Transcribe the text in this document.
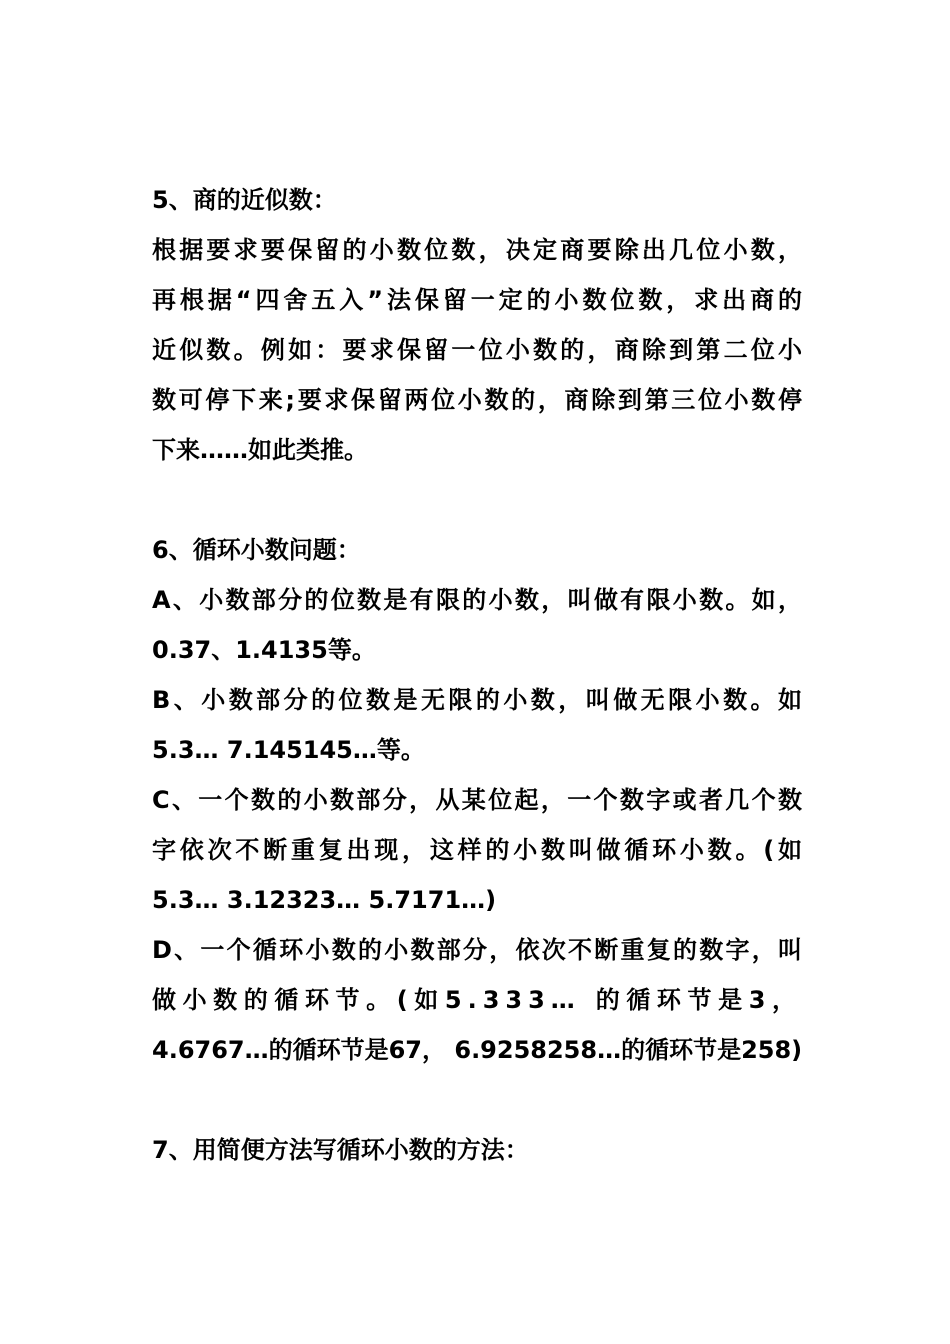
5、商的近似数：
根据要求要保留的小数位数，决定商要除出几位小数，
再根据“四舍五入”法保留一定的小数位数，求出商的
近似数。例如：要求保留一位小数的，商除到第二位小
数可停下来;要求保留两位小数的，商除到第三位小数停
下来……如此类推。
6、循环小数问题：
A、小数部分的位数是有限的小数，叫做有限小数。如，
0.37、1.4135等。
B、小数部分的位数是无限的小数，叫做无限小数。如
5.3… 7.145145…等。
C、一个数的小数部分，从某位起，一个数字或者几个数
字依次不断重复出现，这样的小数叫做循环小数。(如
5.3… 3.12323… 5.7171…)
D、一个循环小数的小数部分，依次不断重复的数字，叫
做小数的循环节。(如5.333… 的循环节是3，
4.6767…的循环节是67， 6.9258258…的循环节是258)
7、用简便方法写循环小数的方法：
